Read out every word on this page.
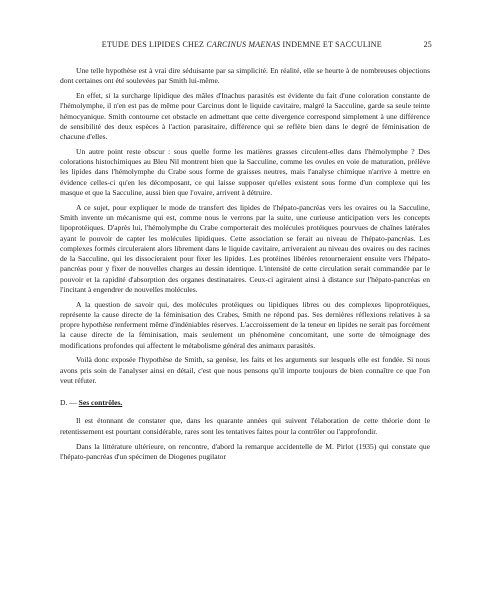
ETUDE DES LIPIDES CHEZ CARCINUS MAENAS INDEMNE ET SACCULINE	25

Une telle hypothèse est à vrai dire séduisante par sa simplicité. En réalité, elle se heurte à de nombreuses objections dont certaines ont été soulevées par Smith lui-même.

En effet, si la surcharge lipidique des mâles d'Inachus parasités est évidente du fait d'une coloration constante de l'hémolymphe, il n'en est pas de même pour Carcinus dont le liquide cavitaire, malgré la Sacculine, garde sa seule teinte hémocyanique. Smith contourne cet obstacle en admettant que cette divergence correspond simplement à une différence de sensibilité des deux espèces à l'action parasitaire, différence qui se reflète bien dans le degré de féminisation de chacune d'elles.

Un autre point reste obscur : sous quelle forme les matières grasses circulent-elles dans l'hémolymphe ? Des colorations histochimiques au Bleu Nil montrent bien que la Sacculine, comme les ovules en voie de maturation, prélève les lipides dans l'hémolymphe du Crabe sous forme de graisses neutres, mais l'analyse chimique n'arrive à mettre en évidence celles-ci qu'en les décomposant, ce qui laisse supposer qu'elles existent sous forme d'un complexe qui les masque et que la Sacculine, aussi bien que l'ovaire, arrivent à détruire.

A ce sujet, pour expliquer le mode de transfert des lipides de l'hépato-pancréas vers les ovaires ou la Sacculine, Smith invente un mécanisme qui est, comme nous le verrons par la suite, une curieuse anticipation vers les concepts lipoprotéiques. D'après lui, l'hémolymphe du Crabe comporterait des molécules protéiques pourvues de chaînes latérales ayant le pouvoir de capter les molécules lipidiques. Cette association se ferait au niveau de l'hépato-pancréas. Les complexes formés circuleraient alors librement dans le liquide cavitaire, arriveraient au niveau des ovaires ou des racines de la Sacculine, qui les dissocieraient pour fixer les lipides. Les protéines libérées retourneraient ensuite vers l'hépato-pancréas pour y fixer de nouvelles charges au dessin identique. L'intensité de cette circulation serait commandée par le pouvoir et la rapidité d'absorption des organes destinataires. Ceux-ci agiraient ainsi à distance sur l'hépato-pancréas en l'incitant à engendrer de nouvelles molécules.

A la question de savoir qui, des molécules protéiques ou lipidiques libres ou des complexes lipoprotéiques, représente la cause directe de la féminisation des Crabes, Smith ne répond pas. Ses dernières réflexions relatives à sa propre hypothèse renferment même d'indéniables réserves. L'accroissement de la teneur en lipides ne serait pas forcément la cause directe de la féminisation, mais seulement un phénomène concomitant, une sorte de témoignage des modifications profondes qui affectent le métabolisme général des animaux parasités.

Voilà donc exposée l'hypothèse de Smith, sa genèse, les faits et les arguments sur lesquels elle est fondée. Si nous avons pris soin de l'analyser ainsi en détail, c'est que nous pensons qu'il importe toujours de bien connaître ce que l'on veut réfuter.

D. — Ses contrôles.

Il est étonnant de constater que, dans les quarante années qui suivent l'élaboration de cette théorie dont le retentissement est pourtant considérable, rares sont les tentatives faites pour la contrôler ou l'approfondir.

Dans la littérature ultérieure, on rencontre, d'abord la remarque accidentelle de M. Pirlot (1935) qui constate que l'hépato-pancréas d'un spécimen de Diogenes pugilator
